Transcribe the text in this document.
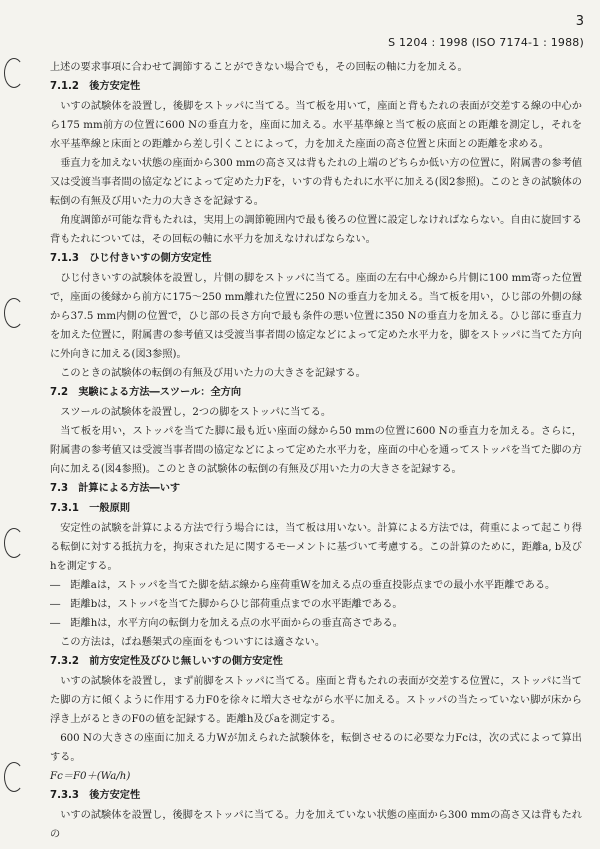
3
S 1204 : 1998 (ISO 7174-1 : 1988)

上述の要求事項に合わせて調節することができない場合でも，その回転の軸に力を加える。

7.1.2　後方安定性

いすの試験体を設置し，後脚をストッパに当てる。当て板を用いて，座面と背もたれの表面が交差する線の中心から175 mm前方の位置に600 Nの垂直力を，座面に加える。水平基準線と当て板の底面との距離を測定し，それを水平基準線と床面との距離から差し引くことによって，力を加えた座面の高さ位置と床面との距離を求める。

垂直力を加えない状態の座面から300 mmの高さ又は背もたれの上端のどちらか低い方の位置に，附属書の参考値又は受渡当事者間の協定などによって定めた力Fを，いすの背もたれに水平に加える(図2参照)。このときの試験体の転倒の有無及び用いた力の大きさを記録する。

角度調節が可能な背もたれは，実用上の調節範囲内で最も後ろの位置に設定しなければならない。自由に旋回する背もたれについては，その回転の軸に水平力を加えなければならない。

7.1.3　ひじ付きいすの側方安定性

ひじ付きいすの試験体を設置し，片側の脚をストッパに当てる。座面の左右中心線から片側に100 mm寄った位置で，座面の後縁から前方に175〜250 mm離れた位置に250 Nの垂直力を加える。当て板を用い，ひじ部の外側の縁から37.5 mm内側の位置で，ひじ部の長さ方向で最も条件の悪い位置に350 Nの垂直力を加える。ひじ部に垂直力を加えた位置に，附属書の参考値又は受渡当事者間の協定などによって定めた水平力を，脚をストッパに当てた方向に外向きに加える(図3参照)。

このときの試験体の転倒の有無及び用いた力の大きさを記録する。

7.2　実験による方法―スツール：全方向

スツールの試験体を設置し，2つの脚をストッパに当てる。

当て板を用い，ストッパを当てた脚に最も近い座面の縁から50 mmの位置に600 Nの垂直力を加える。さらに，附属書の参考値又は受渡当事者間の協定などによって定めた水平力を，座面の中心を通ってストッパを当てた脚の方向に加える(図4参照)。このときの試験体の転倒の有無及び用いた力の大きさを記録する。

7.3　計算による方法―いす

7.3.1　一般原則

安定性の試験を計算による方法で行う場合には，当て板は用いない。計算による方法では，荷重によって起こり得る転倒に対する抵抗力を，拘束された足に関するモーメントに基づいて考慮する。この計算のために，距離a, b及びhを測定する。

―　距離aは，ストッパを当てた脚を結ぶ線から座荷重Wを加える点の垂直投影点までの最小水平距離である。

―　距離bは，ストッパを当てた脚からひじ部荷重点までの水平距離である。

―　距離hは，水平方向の転倒力を加える点の水平面からの垂直高さである。

この方法は，ばね懸架式の座面をもついすには適さない。

7.3.2　前方安定性及びひじ無しいすの側方安定性

いすの試験体を設置し，まず前脚をストッパに当てる。座面と背もたれの表面が交差する位置に，ストッパに当てた脚の方に傾くように作用する力F0を徐々に増大させながら水平に加える。ストッパの当たっていない脚が床から浮き上がるときのF0の値を記録する。距離h及びaを測定する。

600 Nの大きさの座面に加える力Wが加えられた試験体を，転倒させるのに必要な力Fcは，次の式によって算出する。

Fc＝F0＋(Wa/h)

7.3.3　後方安定性

いすの試験体を設置し，後脚をストッパに当てる。力を加えていない状態の座面から300 mmの高さ又は背もたれの
